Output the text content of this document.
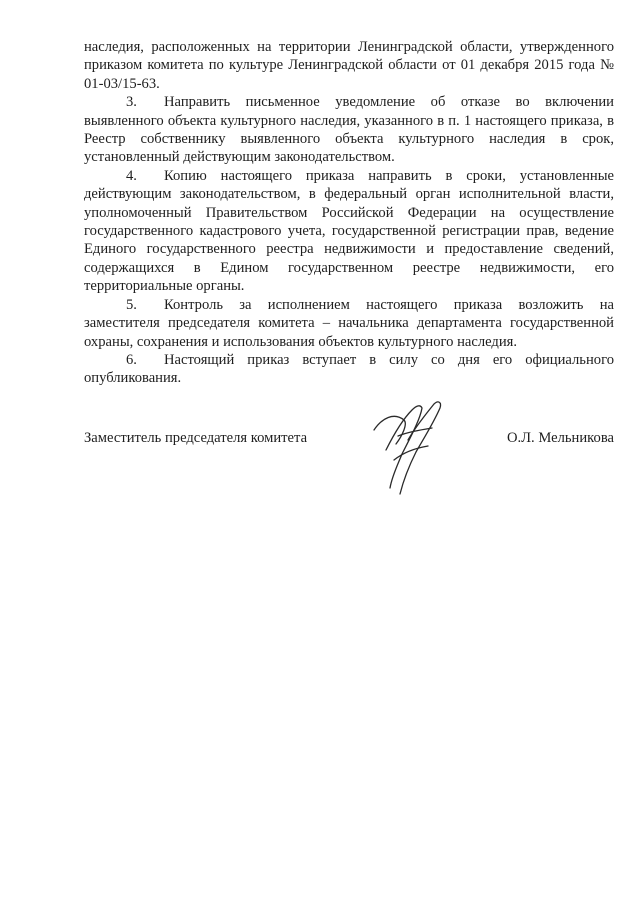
наследия, расположенных на территории Ленинградской области, утвержденного приказом комитета по культуре Ленинградской области от 01 декабря 2015 года № 01-03/15-63.

3. Направить письменное уведомление об отказе во включении выявленного объекта культурного наследия, указанного в п. 1 настоящего приказа, в Реестр собственнику выявленного объекта культурного наследия в срок, установленный действующим законодательством.

4. Копию настоящего приказа направить в сроки, установленные действующим законодательством, в федеральный орган исполнительной власти, уполномоченный Правительством Российской Федерации на осуществление государственного кадастрового учета, государственной регистрации прав, ведение Единого государственного реестра недвижимости и предоставление сведений, содержащихся в Едином государственном реестре недвижимости, его территориальные органы.

5. Контроль за исполнением настоящего приказа возложить на заместителя председателя комитета – начальника департамента государственной охраны, сохранения и использования объектов культурного наследия.

6. Настоящий приказ вступает в силу со дня его официального опубликования.

Заместитель председателя комитета	О.Л. Мельникова
